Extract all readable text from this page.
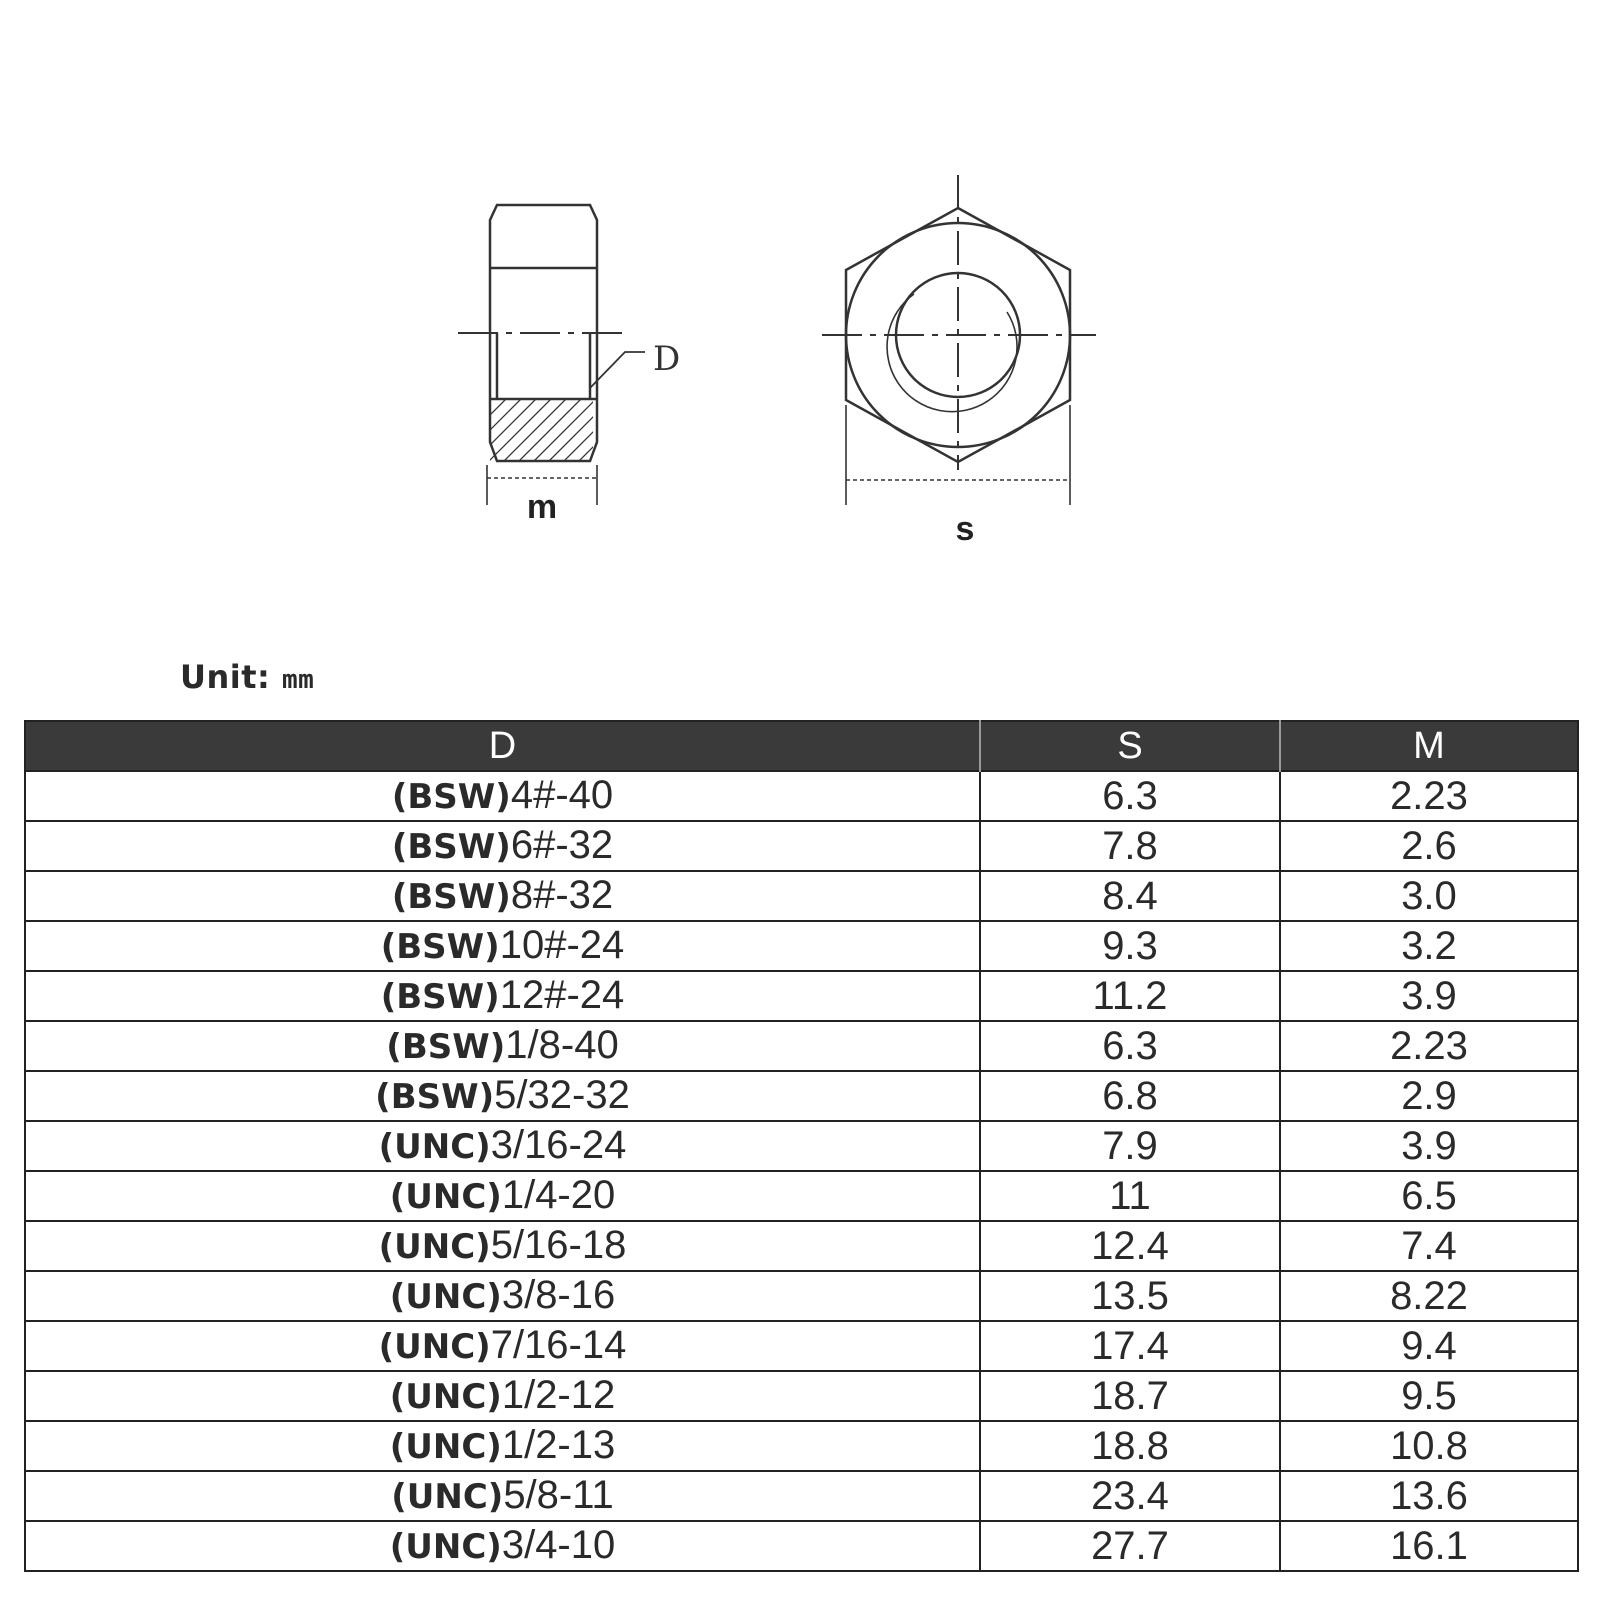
D
m
s
Unit: mm
D	S	M
(BSW)4#-40	6.3	2.23
(BSW)6#-32	7.8	2.6
(BSW)8#-32	8.4	3.0
(BSW)10#-24	9.3	3.2
(BSW)12#-24	11.2	3.9
(BSW)1/8-40	6.3	2.23
(BSW)5/32-32	6.8	2.9
(UNC)3/16-24	7.9	3.9
(UNC)1/4-20	11	6.5
(UNC)5/16-18	12.4	7.4
(UNC)3/8-16	13.5	8.22
(UNC)7/16-14	17.4	9.4
(UNC)1/2-12	18.7	9.5
(UNC)1/2-13	18.8	10.8
(UNC)5/8-11	23.4	13.6
(UNC)3/4-10	27.7	16.1
